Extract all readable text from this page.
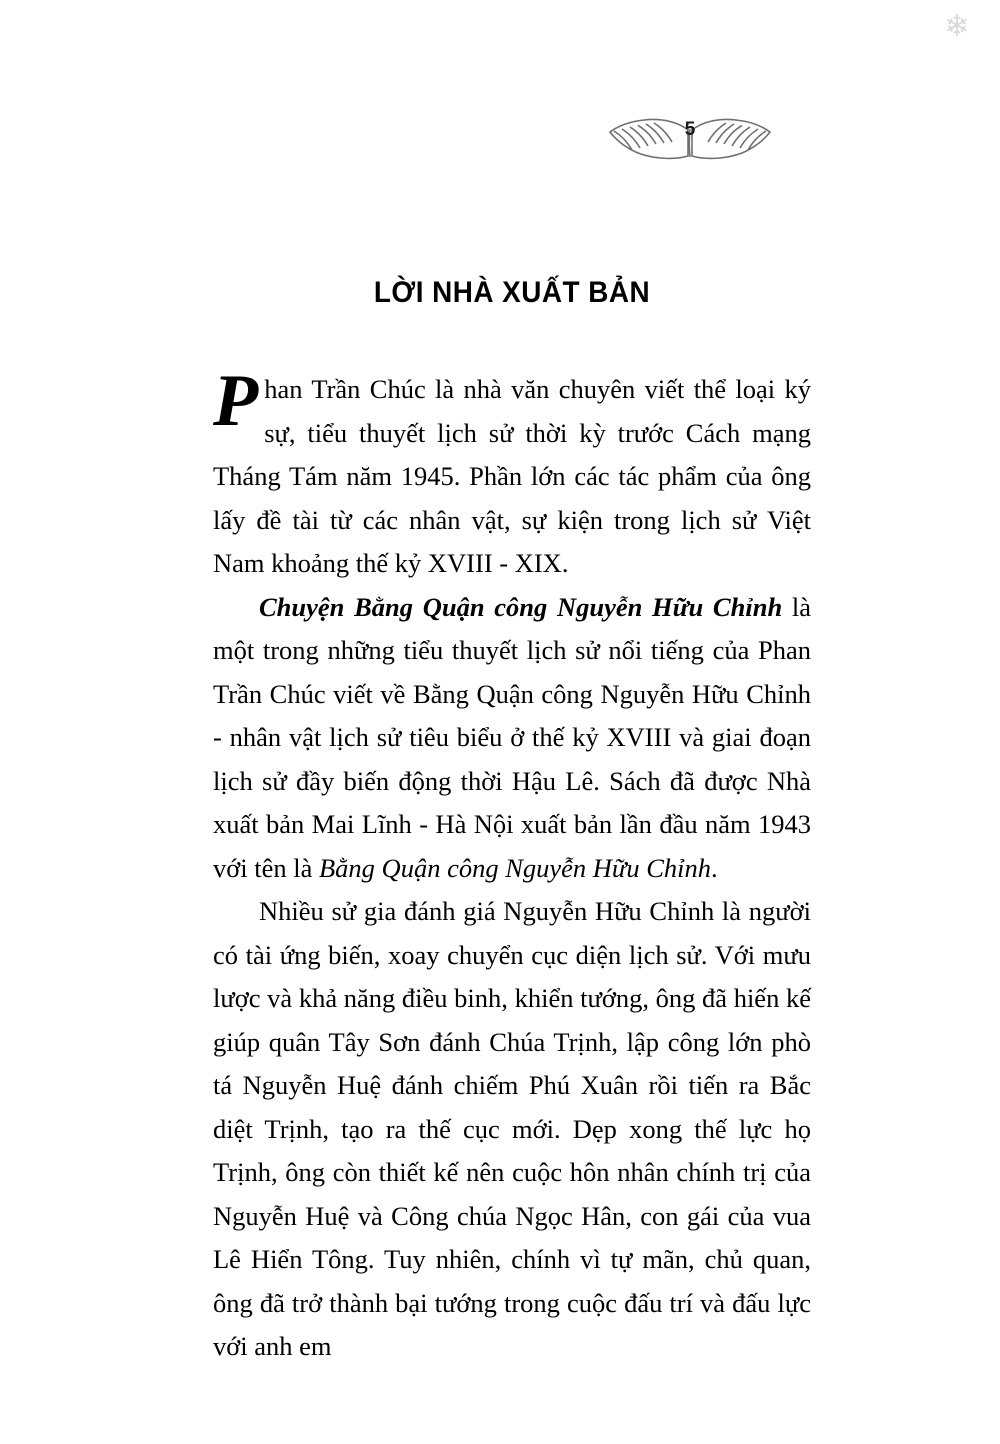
❄
5
LỜI NHÀ XUẤT BẢN

Phan Trần Chúc là nhà văn chuyên viết thể loại ký sự, tiểu thuyết lịch sử thời kỳ trước Cách mạng Tháng Tám năm 1945. Phần lớn các tác phẩm của ông lấy đề tài từ các nhân vật, sự kiện trong lịch sử Việt Nam khoảng thế kỷ XVIII - XIX.

Chuyện Bằng Quận công Nguyễn Hữu Chỉnh là một trong những tiểu thuyết lịch sử nổi tiếng của Phan Trần Chúc viết về Bằng Quận công Nguyễn Hữu Chỉnh - nhân vật lịch sử tiêu biểu ở thế kỷ XVIII và giai đoạn lịch sử đầy biến động thời Hậu Lê. Sách đã được Nhà xuất bản Mai Lĩnh - Hà Nội xuất bản lần đầu năm 1943 với tên là Bằng Quận công Nguyễn Hữu Chỉnh.

Nhiều sử gia đánh giá Nguyễn Hữu Chỉnh là người có tài ứng biến, xoay chuyển cục diện lịch sử. Với mưu lược và khả năng điều binh, khiển tướng, ông đã hiến kế giúp quân Tây Sơn đánh Chúa Trịnh, lập công lớn phò tá Nguyễn Huệ đánh chiếm Phú Xuân rồi tiến ra Bắc diệt Trịnh, tạo ra thế cục mới. Dẹp xong thế lực họ Trịnh, ông còn thiết kế nên cuộc hôn nhân chính trị của Nguyễn Huệ và Công chúa Ngọc Hân, con gái của vua Lê Hiển Tông. Tuy nhiên, chính vì tự mãn, chủ quan, ông đã trở thành bại tướng trong cuộc đấu trí và đấu lực với anh em
